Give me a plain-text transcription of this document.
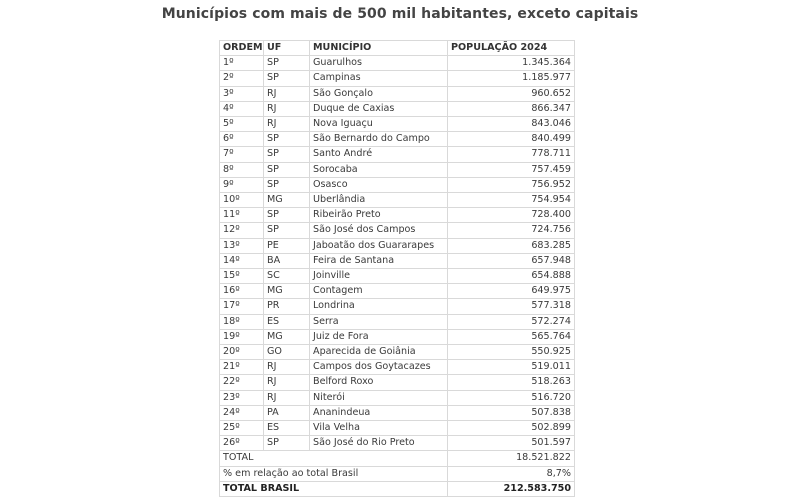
Municípios com mais de 500 mil habitantes, exceto capitais
ORDEM	UF	MUNICÍPIO	POPULAÇÃO 2024
1º	SP	Guarulhos	1.345.364
2º	SP	Campinas	1.185.977
3º	RJ	São Gonçalo	960.652
4º	RJ	Duque de Caxias	866.347
5º	RJ	Nova Iguaçu	843.046
6º	SP	São Bernardo do Campo	840.499
7º	SP	Santo André	778.711
8º	SP	Sorocaba	757.459
9º	SP	Osasco	756.952
10º	MG	Uberlândia	754.954
11º	SP	Ribeirão Preto	728.400
12º	SP	São José dos Campos	724.756
13º	PE	Jaboatão dos Guararapes	683.285
14º	BA	Feira de Santana	657.948
15º	SC	Joinville	654.888
16º	MG	Contagem	649.975
17º	PR	Londrina	577.318
18º	ES	Serra	572.274
19º	MG	Juiz de Fora	565.764
20º	GO	Aparecida de Goiânia	550.925
21º	RJ	Campos dos Goytacazes	519.011
22º	RJ	Belford Roxo	518.263
23º	RJ	Niterói	516.720
24º	PA	Ananindeua	507.838
25º	ES	Vila Velha	502.899
26º	SP	São José do Rio Preto	501.597
TOTAL			18.521.822
% em relação ao total Brasil			8,7%
TOTAL BRASIL			212.583.750
